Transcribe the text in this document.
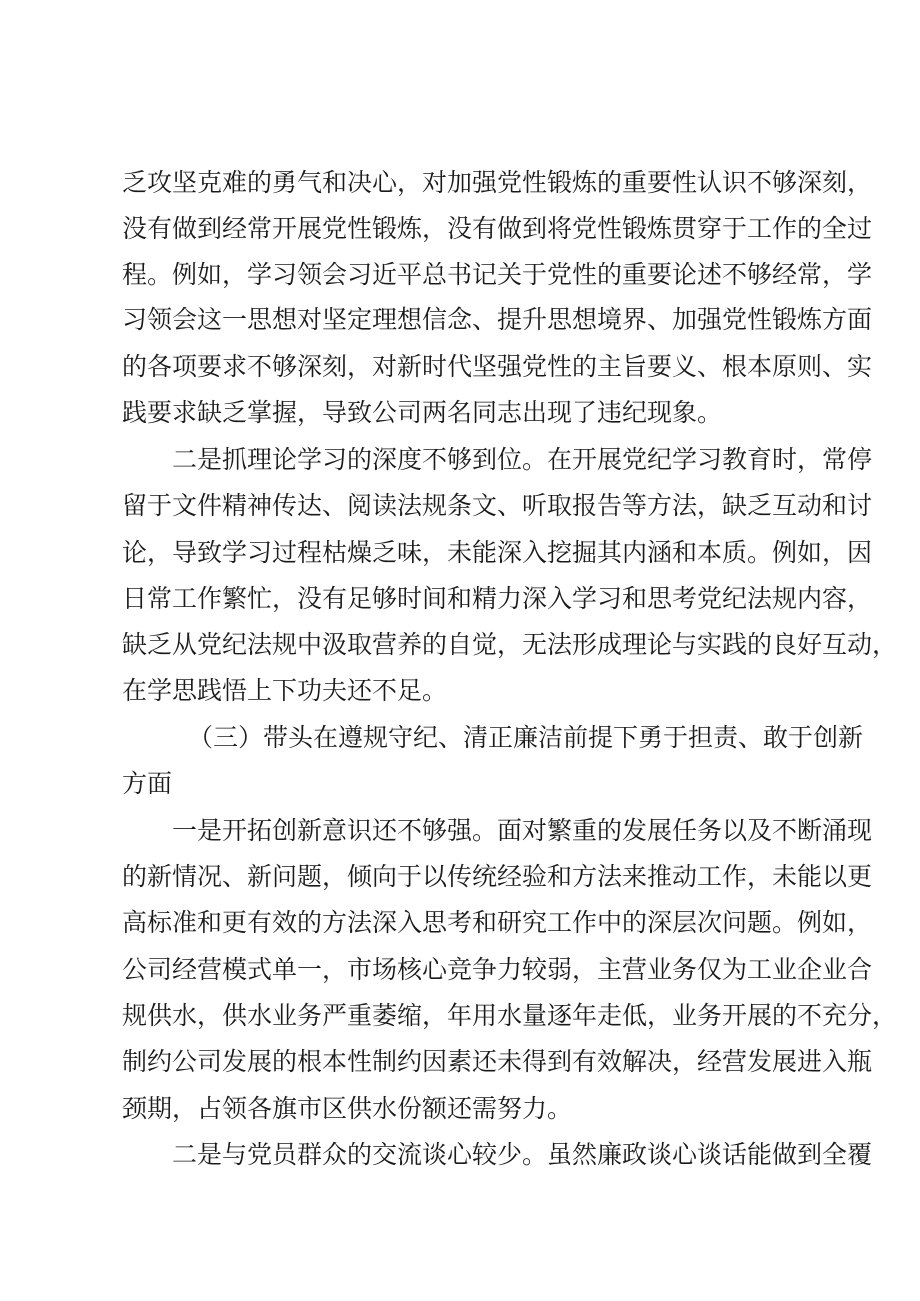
乏攻坚克难的勇气和决心，对加强党性锻炼的重要性认识不够深刻，
没有做到经常开展党性锻炼，没有做到将党性锻炼贯穿于工作的全过
程。例如，学习领会习近平总书记关于党性的重要论述不够经常，学
习领会这一思想对坚定理想信念、提升思想境界、加强党性锻炼方面
的各项要求不够深刻，对新时代坚强党性的主旨要义、根本原则、实
践要求缺乏掌握，导致公司两名同志出现了违纪现象。
二是抓理论学习的深度不够到位。在开展党纪学习教育时，常停
留于文件精神传达、阅读法规条文、听取报告等方法，缺乏互动和讨
论，导致学习过程枯燥乏味，未能深入挖掘其内涵和本质。例如，因
日常工作繁忙，没有足够时间和精力深入学习和思考党纪法规内容，
缺乏从党纪法规中汲取营养的自觉，无法形成理论与实践的良好互动，
在学思践悟上下功夫还不足。
（三）带头在遵规守纪、清正廉洁前提下勇于担责、敢于创新
方面
一是开拓创新意识还不够强。面对繁重的发展任务以及不断涌现
的新情况、新问题，倾向于以传统经验和方法来推动工作，未能以更
高标准和更有效的方法深入思考和研究工作中的深层次问题。例如，
公司经营模式单一，市场核心竞争力较弱，主营业务仅为工业企业合
规供水，供水业务严重萎缩，年用水量逐年走低，业务开展的不充分，
制约公司发展的根本性制约因素还未得到有效解决，经营发展进入瓶
颈期，占领各旗市区供水份额还需努力。
二是与党员群众的交流谈心较少。虽然廉政谈心谈话能做到全覆
